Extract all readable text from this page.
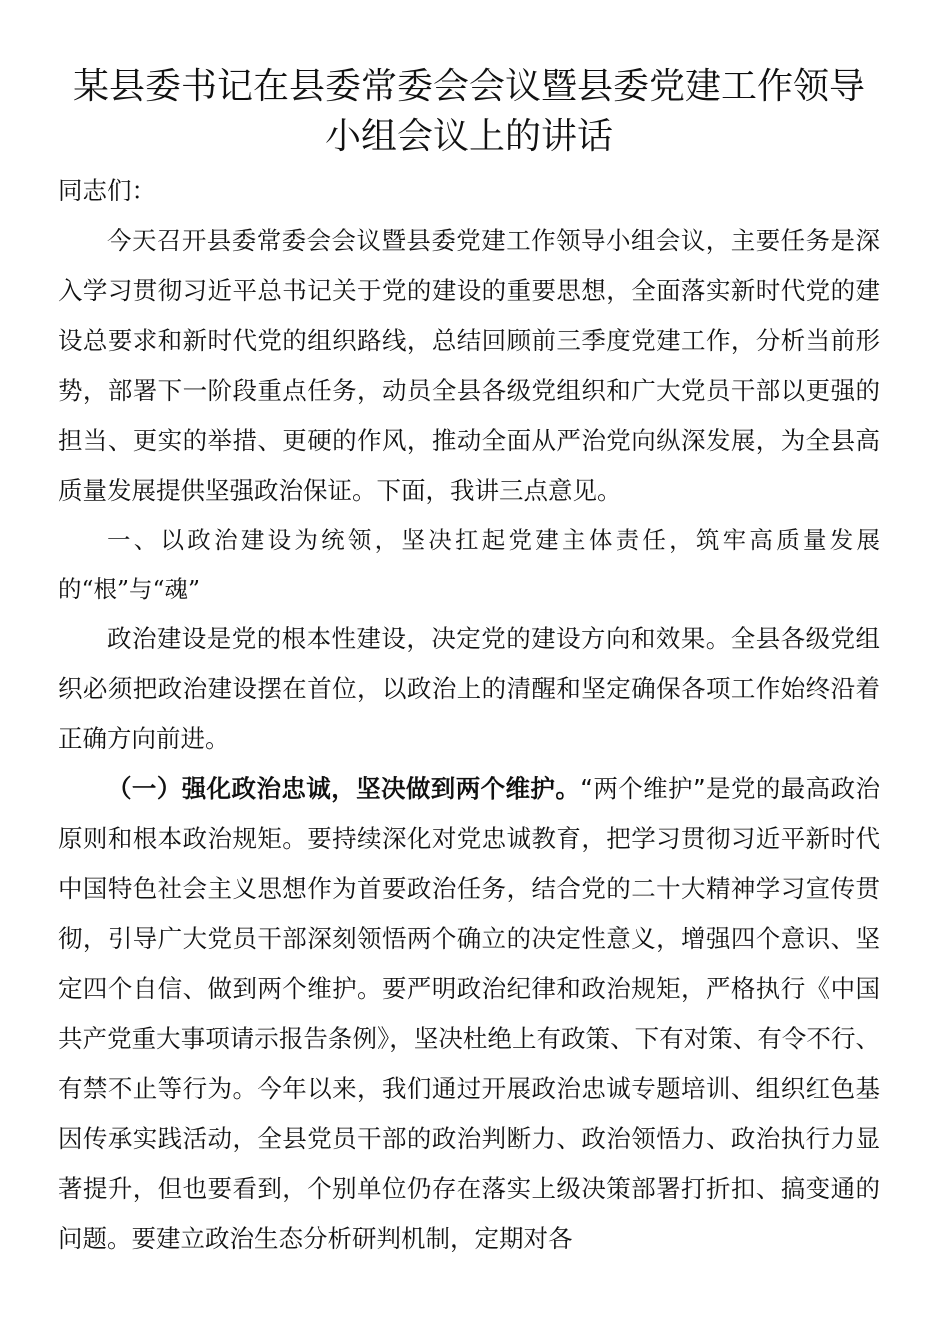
某县委书记在县委常委会会议暨县委党建工作领导小组会议上的讲话

同志们：

今天召开县委常委会会议暨县委党建工作领导小组会议，主要任务是深入学习贯彻习近平总书记关于党的建设的重要思想，全面落实新时代党的建设总要求和新时代党的组织路线，总结回顾前三季度党建工作，分析当前形势，部署下一阶段重点任务，动员全县各级党组织和广大党员干部以更强的担当、更实的举措、更硬的作风，推动全面从严治党向纵深发展，为全县高质量发展提供坚强政治保证。下面，我讲三点意见。

一、以政治建设为统领，坚决扛起党建主体责任，筑牢高质量发展的“根”与“魂”

政治建设是党的根本性建设，决定党的建设方向和效果。全县各级党组织必须把政治建设摆在首位，以政治上的清醒和坚定确保各项工作始终沿着正确方向前进。

（一）强化政治忠诚，坚决做到两个维护。“两个维护”是党的最高政治原则和根本政治规矩。要持续深化对党忠诚教育，把学习贯彻习近平新时代中国特色社会主义思想作为首要政治任务，结合党的二十大精神学习宣传贯彻，引导广大党员干部深刻领悟两个确立的决定性意义，增强四个意识、坚定四个自信、做到两个维护。要严明政治纪律和政治规矩，严格执行《中国共产党重大事项请示报告条例》，坚决杜绝上有政策、下有对策、有令不行、有禁不止等行为。今年以来，我们通过开展政治忠诚专题培训、组织红色基因传承实践活动，全县党员干部的政治判断力、政治领悟力、政治执行力显著提升，但也要看到，个别单位仍存在落实上级决策部署打折扣、搞变通的问题。要建立政治生态分析研判机制，定期对各
